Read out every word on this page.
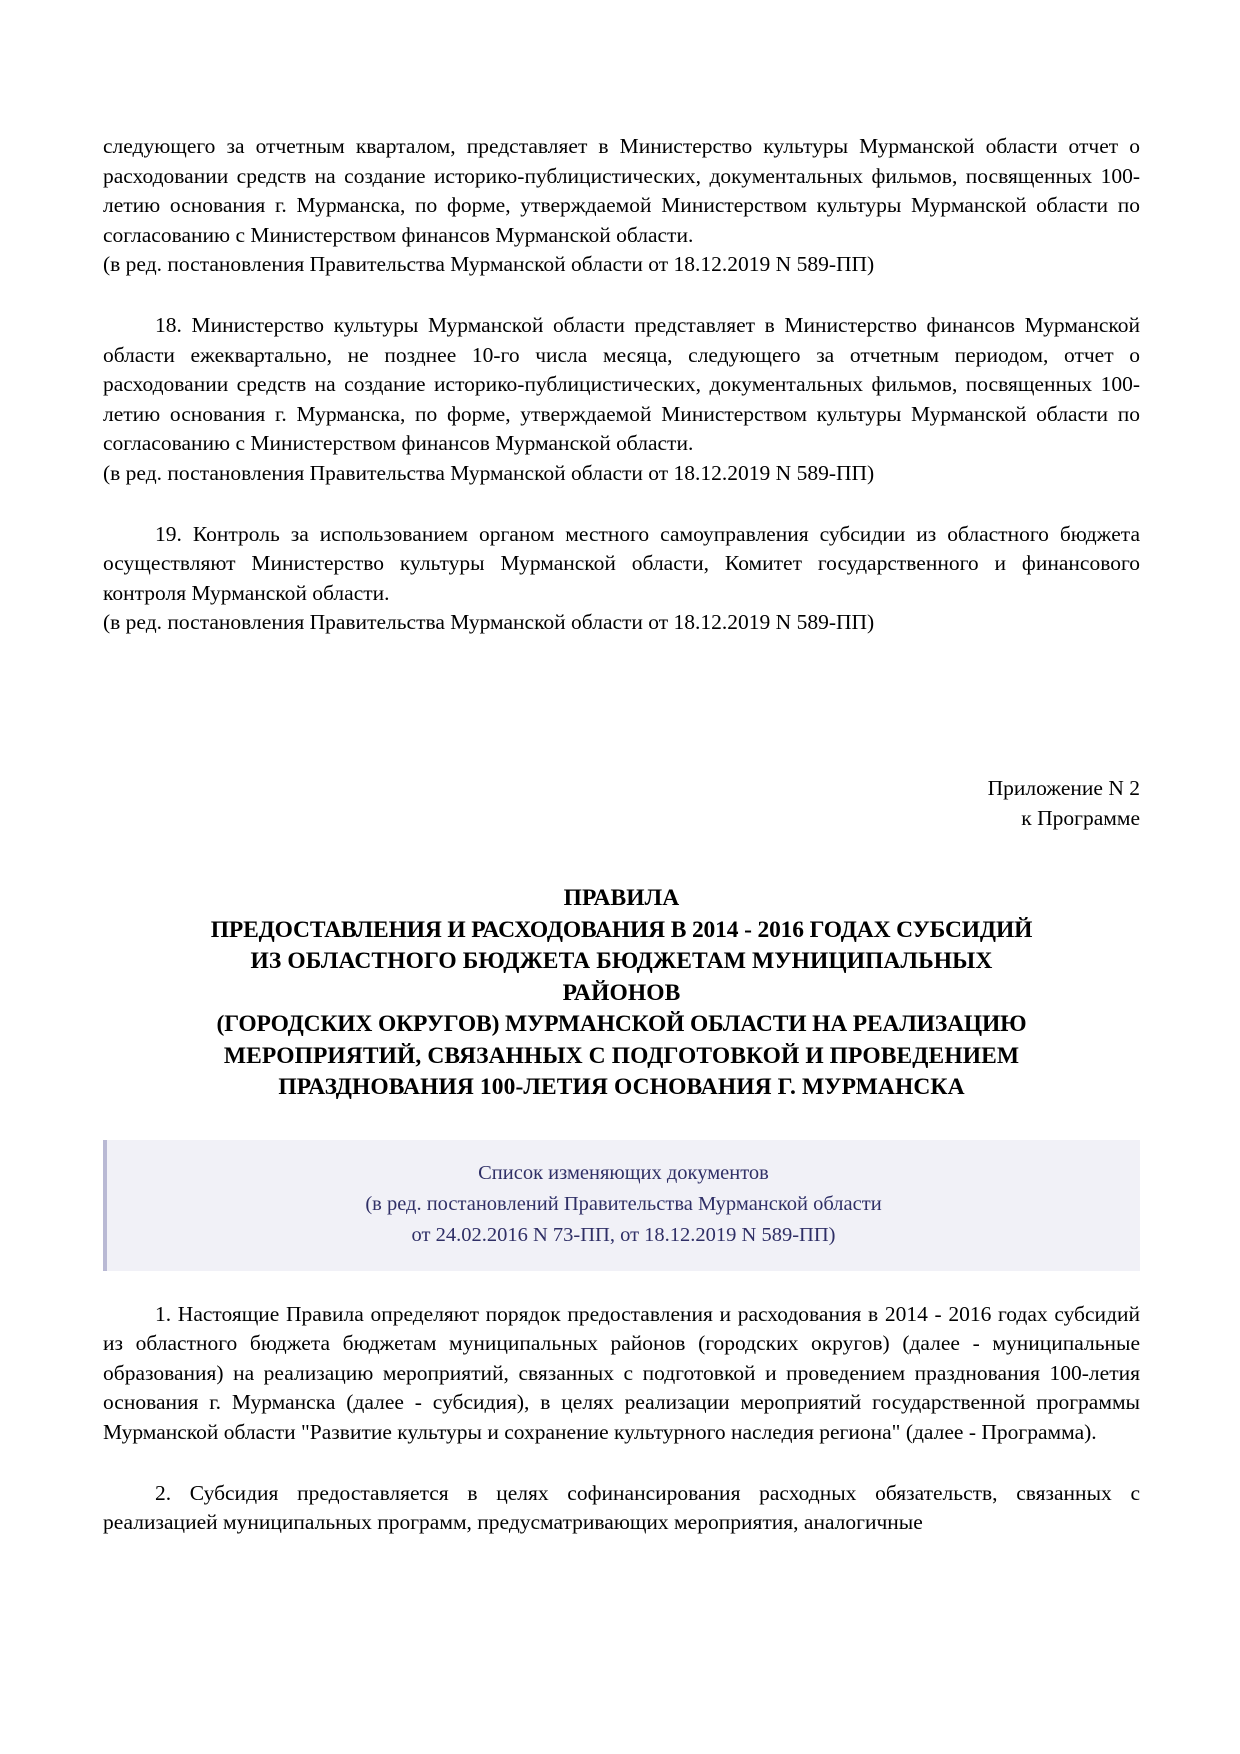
следующего за отчетным кварталом, представляет в Министерство культуры Мурманской области отчет о расходовании средств на создание историко-публицистических, документальных фильмов, посвященных 100-летию основания г. Мурманска, по форме, утверждаемой Министерством культуры Мурманской области по согласованию с Министерством финансов Мурманской области.

(в ред. постановления Правительства Мурманской области от 18.12.2019 N 589-ПП)

18. Министерство культуры Мурманской области представляет в Министерство финансов Мурманской области ежеквартально, не позднее 10-го числа месяца, следующего за отчетным периодом, отчет о расходовании средств на создание историко-публицистических, документальных фильмов, посвященных 100-летию основания г. Мурманска, по форме, утверждаемой Министерством культуры Мурманской области по согласованию с Министерством финансов Мурманской области.

(в ред. постановления Правительства Мурманской области от 18.12.2019 N 589-ПП)

19. Контроль за использованием органом местного самоуправления субсидии из областного бюджета осуществляют Министерство культуры Мурманской области, Комитет государственного и финансового контроля Мурманской области.

(в ред. постановления Правительства Мурманской области от 18.12.2019 N 589-ПП)

Приложение N 2
к Программе
ПРАВИЛА
ПРЕДОСТАВЛЕНИЯ И РАСХОДОВАНИЯ В 2014 - 2016 ГОДАХ СУБСИДИЙ
ИЗ ОБЛАСТНОГО БЮДЖЕТА БЮДЖЕТАМ МУНИЦИПАЛЬНЫХ
РАЙОНОВ
(ГОРОДСКИХ ОКРУГОВ) МУРМАНСКОЙ ОБЛАСТИ НА РЕАЛИЗАЦИЮ
МЕРОПРИЯТИЙ, СВЯЗАННЫХ С ПОДГОТОВКОЙ И ПРОВЕДЕНИЕМ
ПРАЗДНОВАНИЯ 100-ЛЕТИЯ ОСНОВАНИЯ Г. МУРМАНСКА
Список изменяющих документов
(в ред. постановлений Правительства Мурманской области
от 24.02.2016 N 73-ПП, от 18.12.2019 N 589-ПП)

1. Настоящие Правила определяют порядок предоставления и расходования в 2014 - 2016 годах субсидий из областного бюджета бюджетам муниципальных районов (городских округов) (далее - муниципальные образования) на реализацию мероприятий, связанных с подготовкой и проведением празднования 100-летия основания г. Мурманска (далее - субсидия), в целях реализации мероприятий государственной программы Мурманской области "Развитие культуры и сохранение культурного наследия региона" (далее - Программа).

2. Субсидия предоставляется в целях софинансирования расходных обязательств, связанных с реализацией муниципальных программ, предусматривающих мероприятия, аналогичные
